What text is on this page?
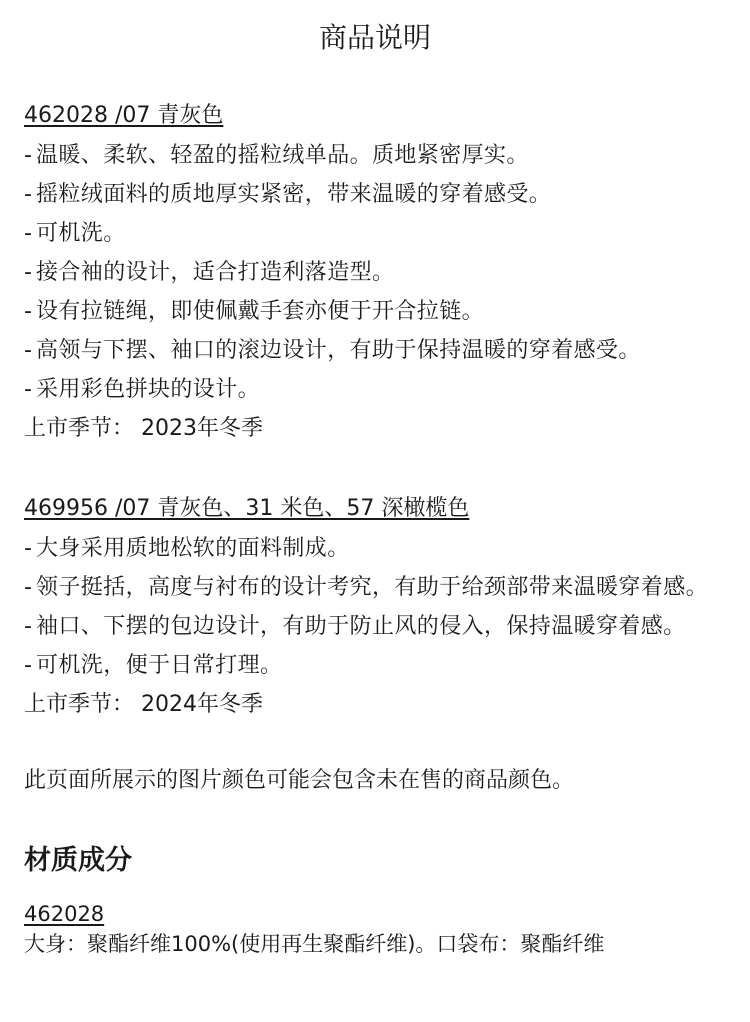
商品说明
462028 /07 青灰色
- 温暖、柔软、轻盈的摇粒绒单品。质地紧密厚实。
- 摇粒绒面料的质地厚实紧密，带来温暖的穿着感受。
- 可机洗。
- 接合袖的设计，适合打造利落造型。
- 设有拉链绳，即使佩戴手套亦便于开合拉链。
- 高领与下摆、袖口的滚边设计，有助于保持温暖的穿着感受。
- 采用彩色拼块的设计。
上市季节： 2023年冬季
469956 /07 青灰色、31 米色、57 深橄榄色
- 大身采用质地松软的面料制成。
- 领子挺括，高度与衬布的设计考究，有助于给颈部带来温暖穿着感。
- 袖口、下摆的包边设计，有助于防止风的侵入，保持温暖穿着感。
- 可机洗，便于日常打理。
上市季节： 2024年冬季
此页面所展示的图片颜色可能会包含未在售的商品颜色。
材质成分
462028
大身：聚酯纤维100%(使用再生聚酯纤维)。口袋布：聚酯纤维
